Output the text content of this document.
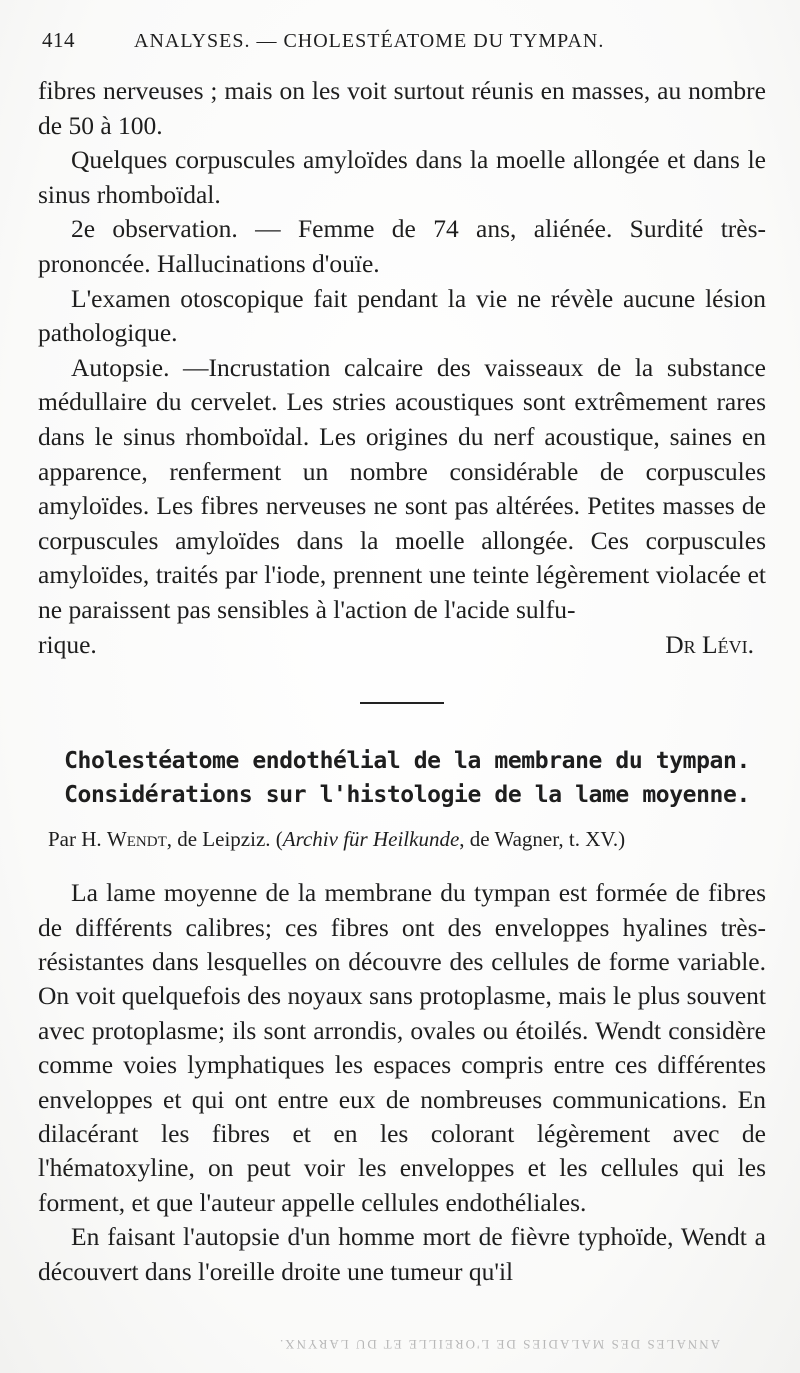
414	ANALYSES. — CHOLESTÉATOME DU TYMPAN.

fibres nerveuses ; mais on les voit surtout réunis en masses, au nombre de 50 à 100.

Quelques corpuscules amyloïdes dans la moelle allongée et dans le sinus rhomboïdal.

2e observation. — Femme de 74 ans, aliénée. Surdité très-prononcée. Hallucinations d'ouïe.

L'examen otoscopique fait pendant la vie ne révèle aucune lésion pathologique.

Autopsie. —Incrustation calcaire des vaisseaux de la substance médullaire du cervelet. Les stries acoustiques sont extrêmement rares dans le sinus rhomboïdal. Les origines du nerf acoustique, saines en apparence, renferment un nombre considérable de corpuscules amyloïdes. Les fibres nerveuses ne sont pas altérées. Petites masses de corpuscules amyloïdes dans la moelle allongée. Ces corpuscules amyloïdes, traités par l'iode, prennent une teinte légèrement violacée et ne paraissent pas sensibles à l'action de l'acide sulfu-

rique.	Dr Lévi.
Cholestéatome endothélial de la membrane du tympan.
Considérations sur l'histologie de la lame moyenne.
Par H. Wendt, de Leipziz. (Archiv für Heilkunde, de Wagner, t. XV.)

La lame moyenne de la membrane du tympan est formée de fibres de différents calibres; ces fibres ont des enveloppes hyalines très-résistantes dans lesquelles on découvre des cellules de forme variable. On voit quelquefois des noyaux sans protoplasme, mais le plus souvent avec protoplasme; ils sont arrondis, ovales ou étoilés. Wendt considère comme voies lymphatiques les espaces compris entre ces différentes enveloppes et qui ont entre eux de nombreuses communications. En dilacérant les fibres et en les colorant légèrement avec de l'hématoxyline, on peut voir les enveloppes et les cellules qui les forment, et que l'auteur appelle cellules endothéliales.

En faisant l'autopsie d'un homme mort de fièvre typhoïde, Wendt a découvert dans l'oreille droite une tumeur qu'il

ANNALES DES MALADIES DE L'OREILLE ET DU LARYNX.
